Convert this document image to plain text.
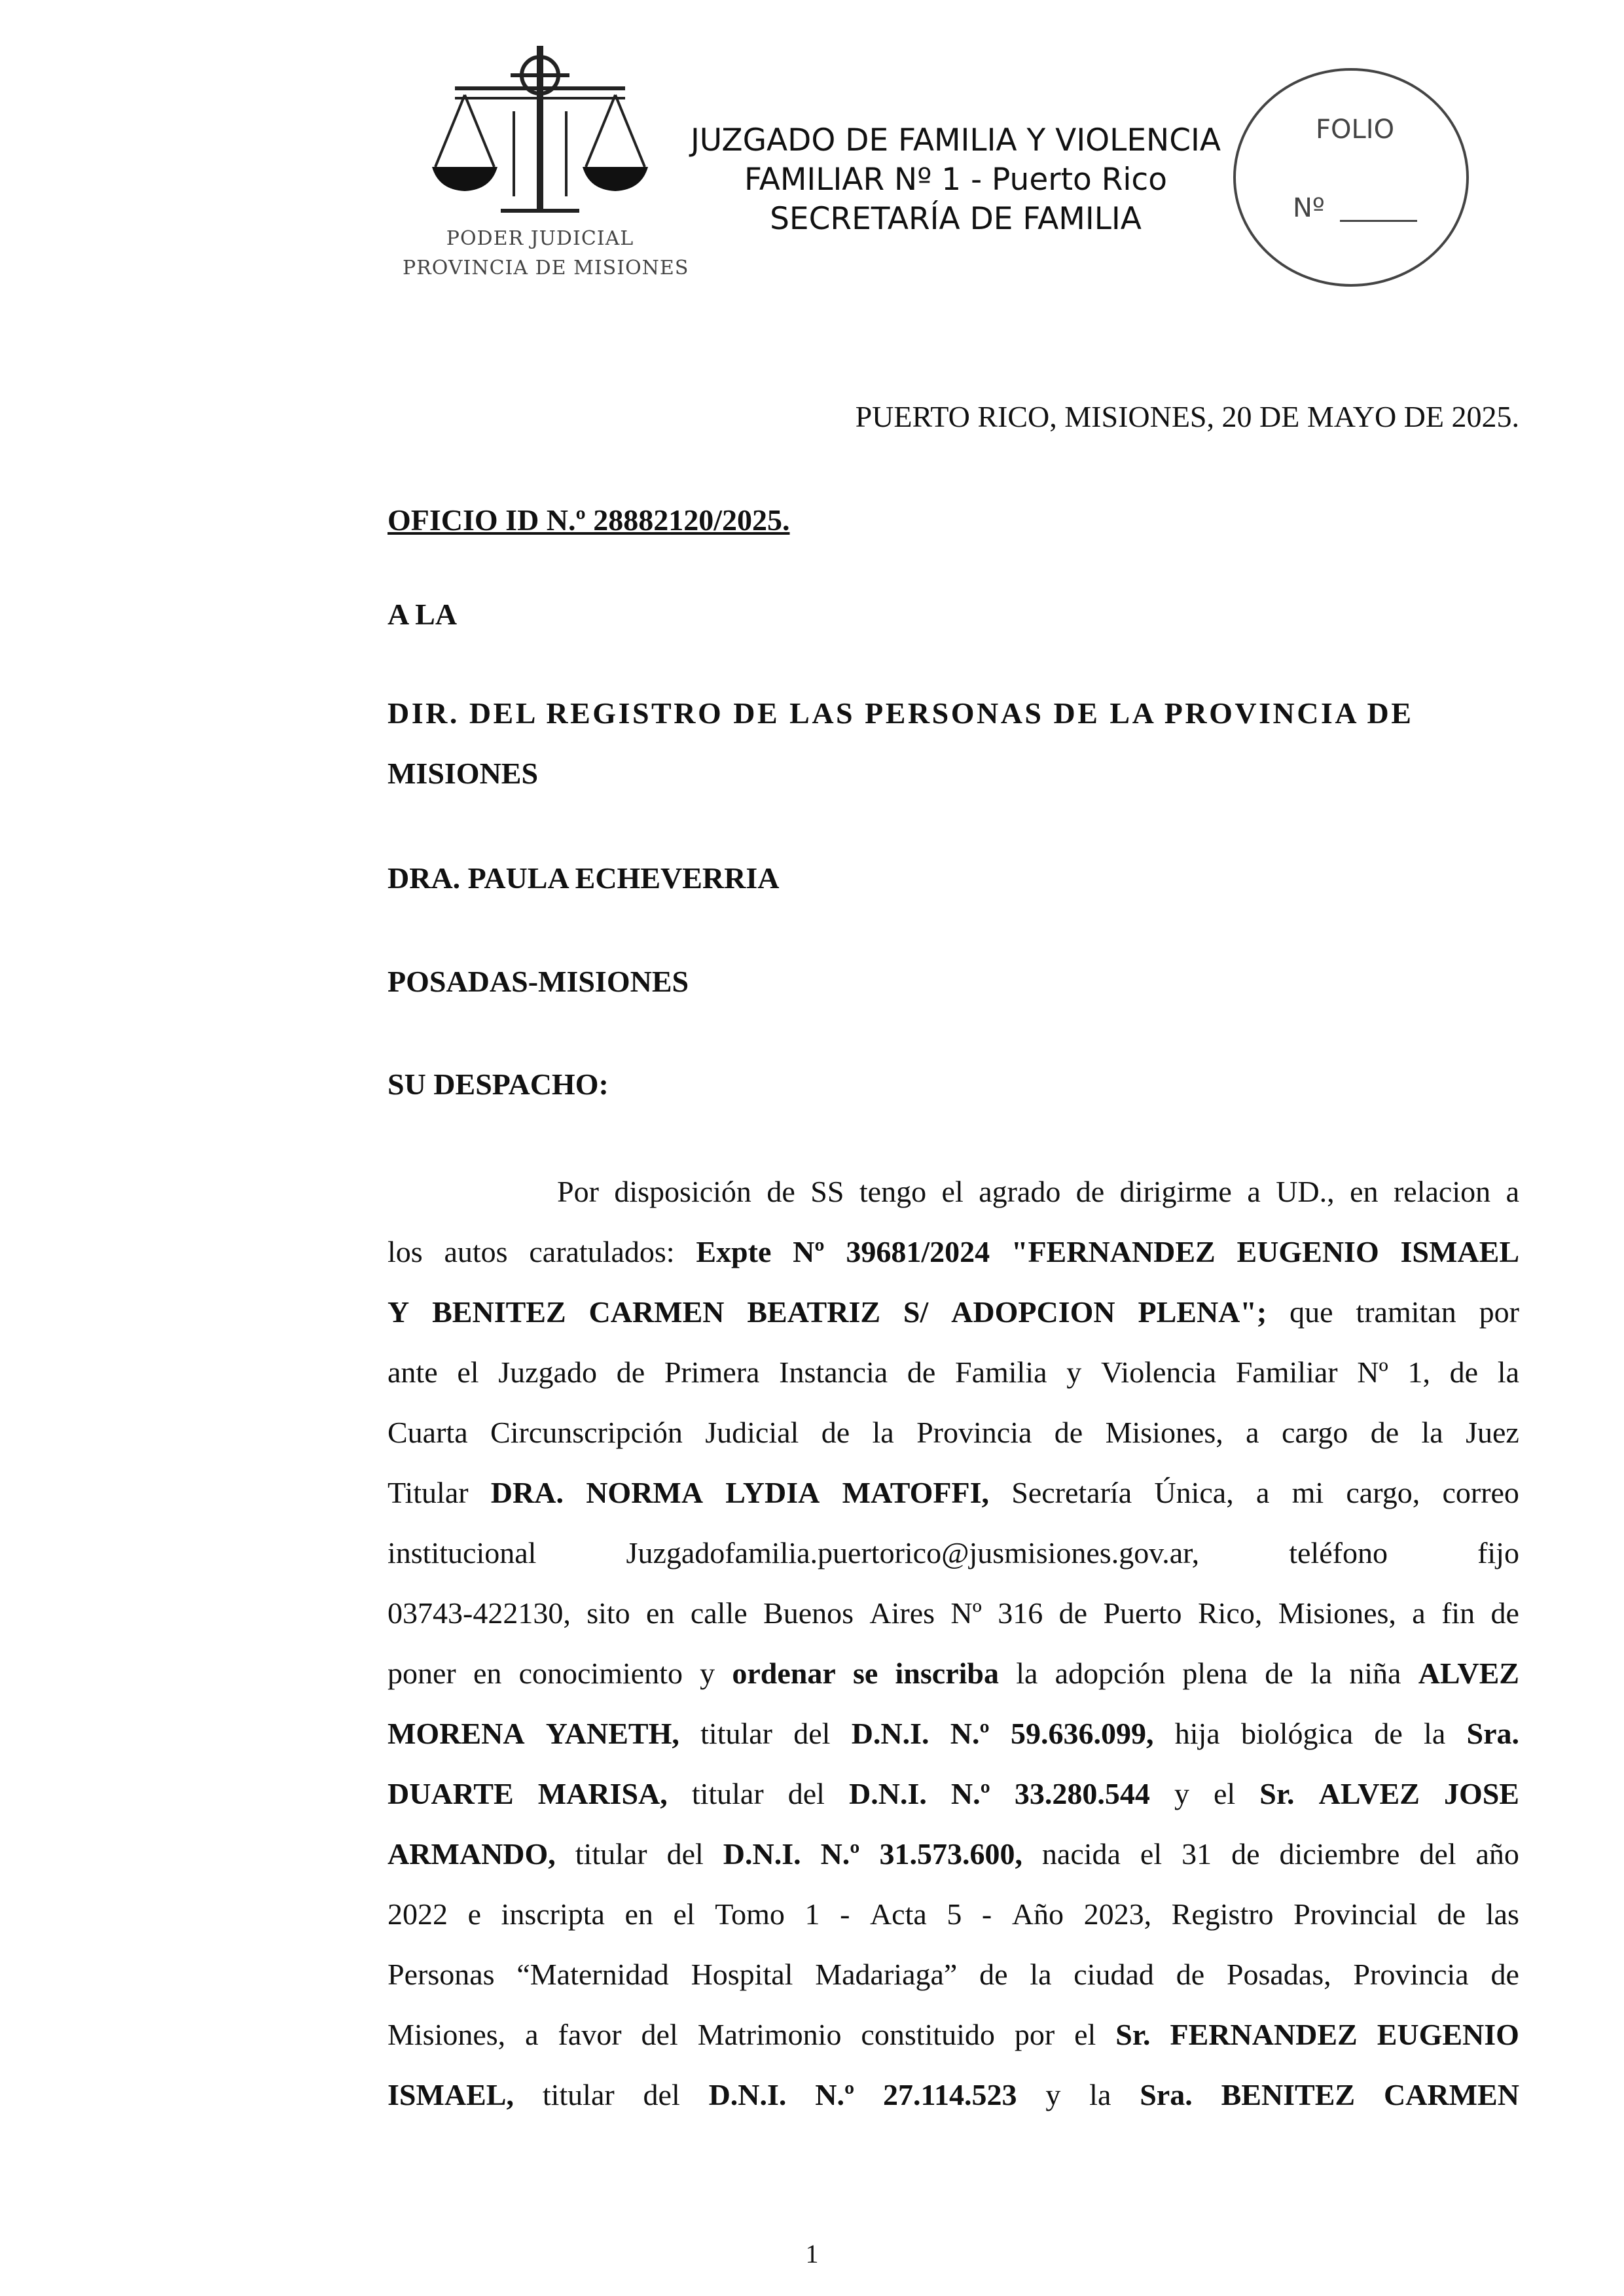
PODER JUDICIAL
PROVINCIA DE MISIONES
JUZGADO DE FAMILIA Y VIOLENCIA
FAMILIAR Nº 1 - Puerto Rico
SECRETARÍA DE FAMILIA
FOLIO
Nº
PUERTO RICO, MISIONES, 20 DE MAYO DE 2025.
OFICIO ID N.º 28882120/2025.
A LA
DIR. DEL REGISTRO DE LAS PERSONAS DE LA PROVINCIA DE
MISIONES
DRA. PAULA ECHEVERRIA
POSADAS-MISIONES
SU DESPACHO:
Por disposición de SS tengo el agrado de dirigirme a UD., en relacion a
los autos caratulados: Expte Nº 39681/2024 "FERNANDEZ EUGENIO ISMAEL
Y BENITEZ CARMEN BEATRIZ S/ ADOPCION PLENA"; que tramitan por
ante el Juzgado de Primera Instancia de Familia y Violencia Familiar Nº 1, de la
Cuarta Circunscripción Judicial de la Provincia de Misiones, a cargo de la Juez
Titular DRA. NORMA LYDIA MATOFFI, Secretaría Única, a mi cargo, correo
institucional	Juzgadofamilia.puertorico@jusmisiones.gov.ar,	teléfono	fijo
03743-422130, sito en calle Buenos Aires Nº 316 de Puerto Rico, Misiones, a fin de
poner en conocimiento y ordenar se inscriba la adopción plena de la niña ALVEZ
MORENA YANETH, titular del D.N.I. N.º 59.636.099, hija biológica de la Sra.
DUARTE MARISA, titular del D.N.I. N.º 33.280.544 y el Sr. ALVEZ JOSE
ARMANDO, titular del D.N.I. N.º 31.573.600, nacida el 31 de diciembre del año
2022 e inscripta en el Tomo 1 - Acta 5 - Año 2023, Registro Provincial de las
Personas “Maternidad Hospital Madariaga” de la ciudad de Posadas, Provincia de
Misiones, a favor del Matrimonio constituido por el Sr. FERNANDEZ EUGENIO
ISMAEL, titular del D.N.I. N.º 27.114.523 y la Sra. BENITEZ CARMEN
1
